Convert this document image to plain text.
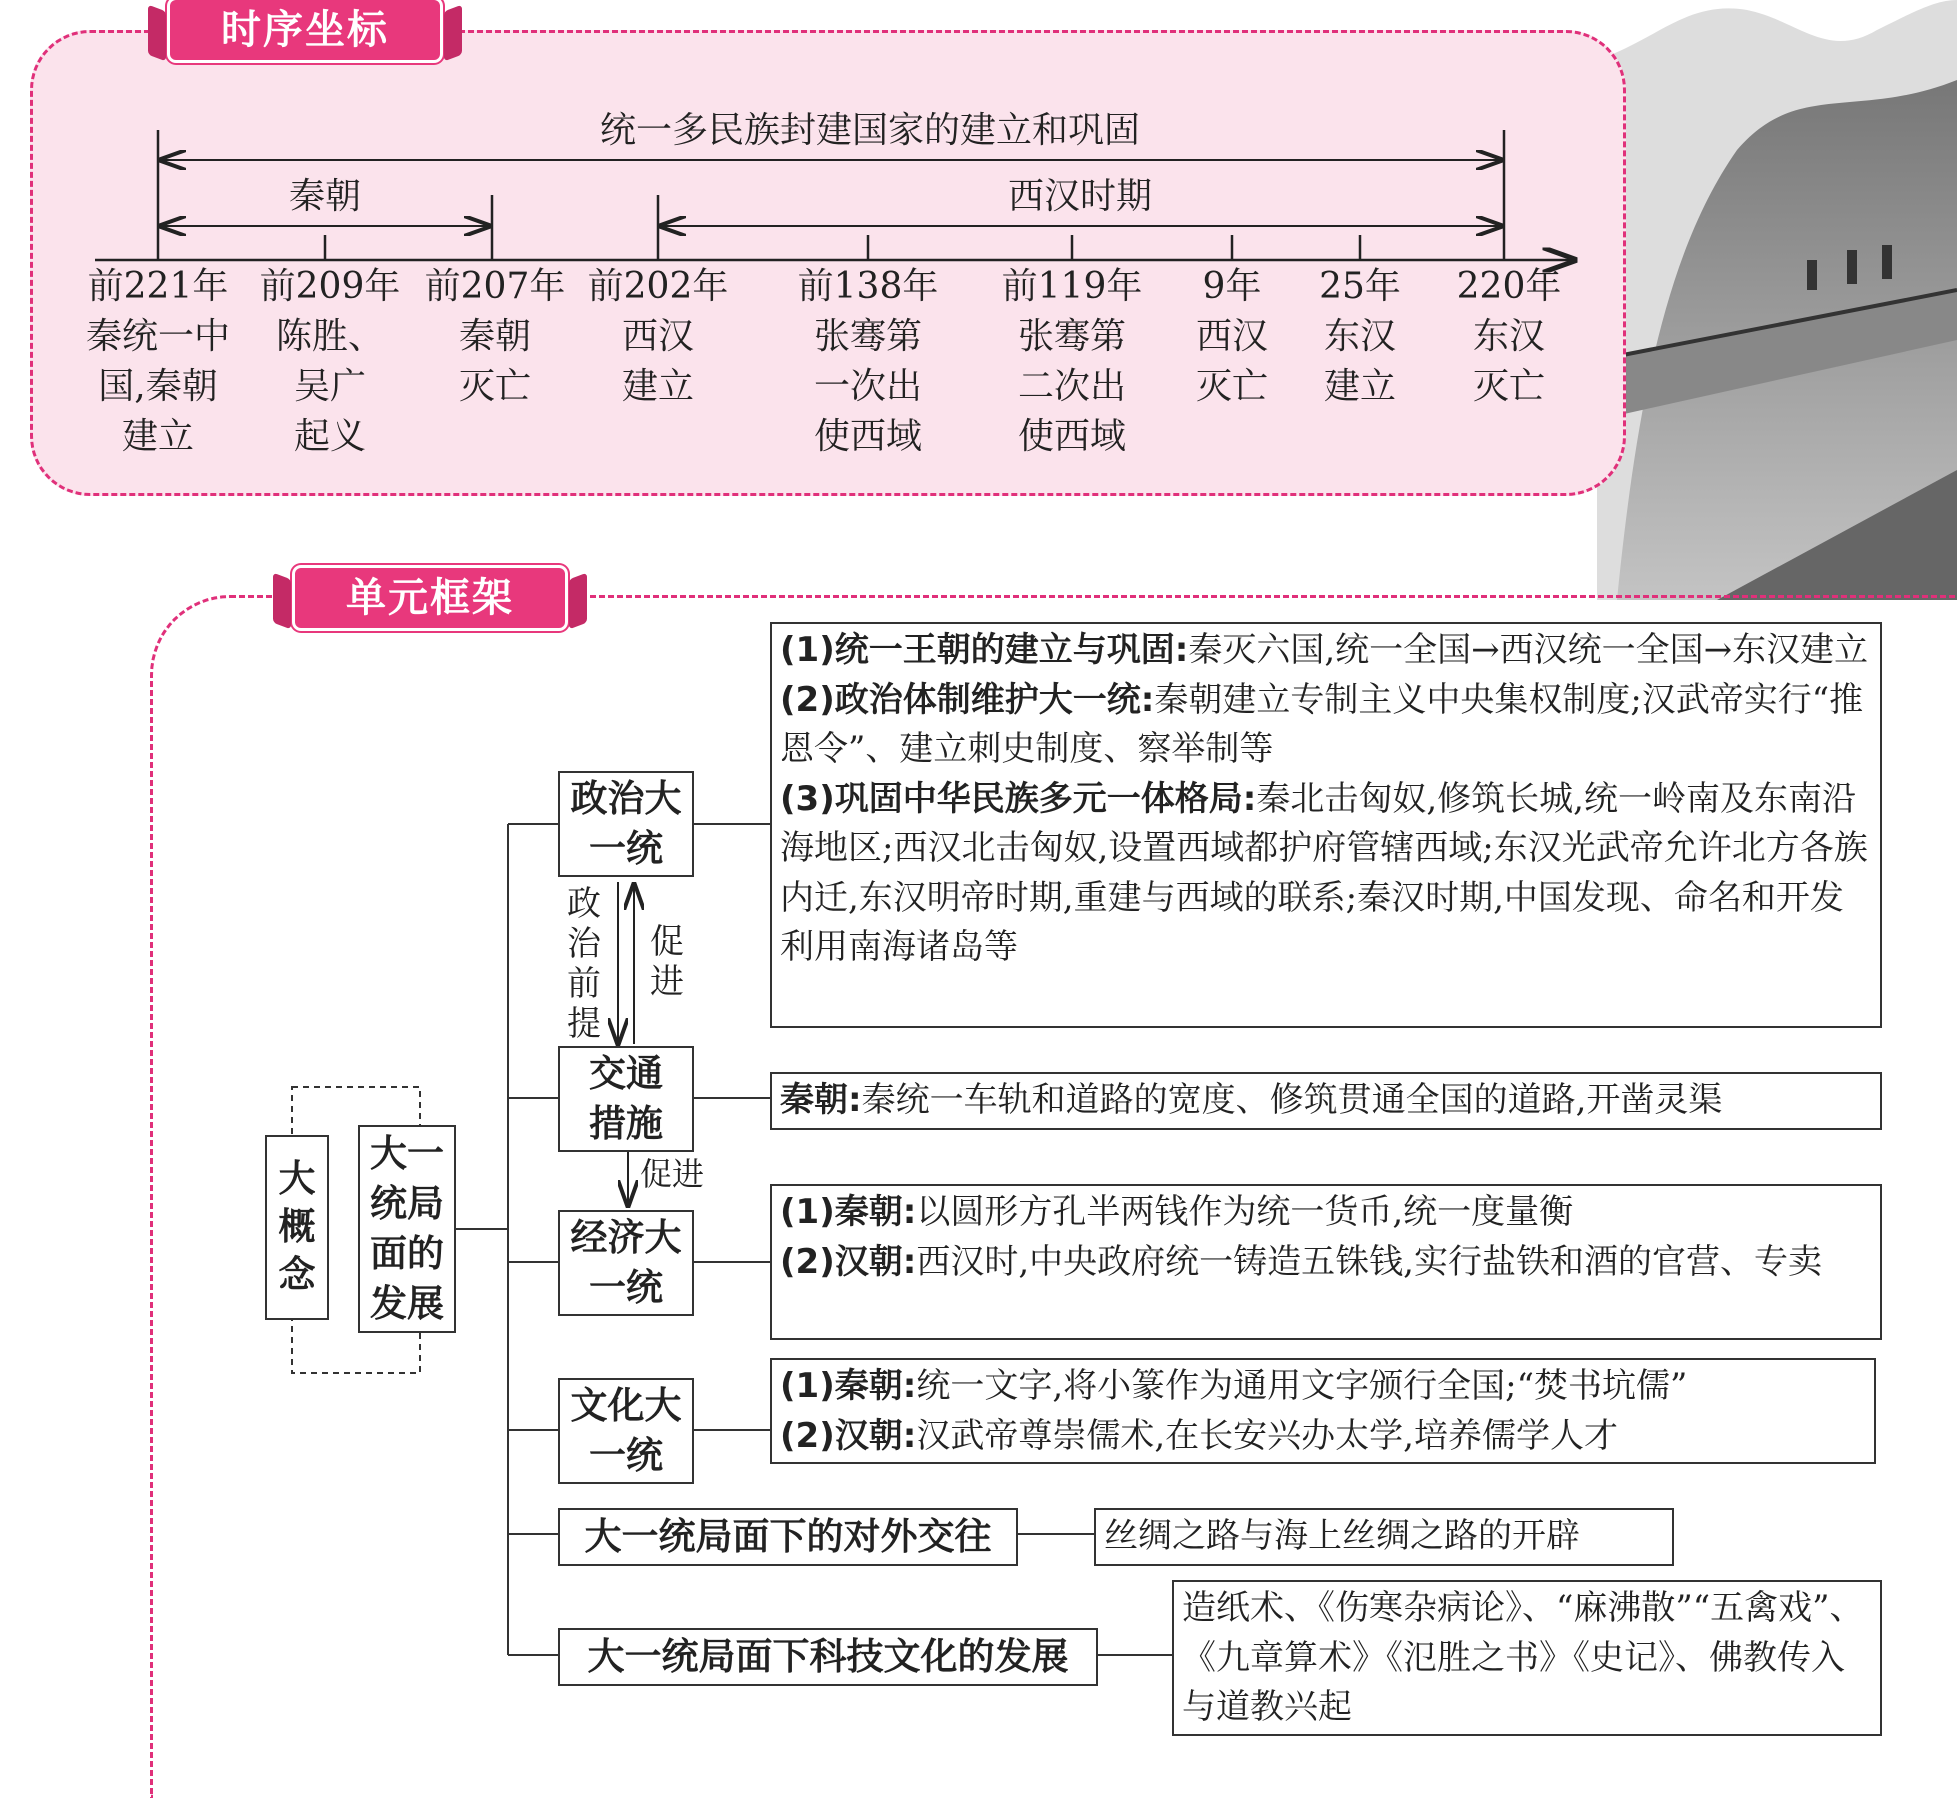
时序坐标
统一多民族封建国家的建立和巩固
秦朝	西汉时期
前221年
秦统一中
国,秦朝
建立
前209年
陈胜、
吴广
起义
前207年
秦朝
灭亡
前202年
西汉
建立
前138年
张骞第
一次出
使西域
前119年
张骞第
二次出
使西域
9年
西汉
灭亡
25年
东汉
建立
220年
东汉
灭亡
单元框架
大概念
大一统局面的发展
政治大一统
交通措施
经济大一统
文化大一统
大一统局面下的对外交往
大一统局面下科技文化的发展
政治前提
促进
促进
(1)统一王朝的建立与巩固:秦灭六国,统一全国→西汉统一全国→东汉建立
(2)政治体制维护大一统:秦朝建立专制主义中央集权制度;汉武帝实行“推恩令”、建立刺史制度、察举制等
(3)巩固中华民族多元一体格局:秦北击匈奴,修筑长城,统一岭南及东南沿海地区;西汉北击匈奴,设置西域都护府管辖西域;东汉光武帝允许北方各族内迁,东汉明帝时期,重建与西域的联系;秦汉时期,中国发现、命名和开发利用南海诸岛等
秦朝:秦统一车轨和道路的宽度、修筑贯通全国的道路,开凿灵渠
(1)秦朝:以圆形方孔半两钱作为统一货币,统一度量衡
(2)汉朝:西汉时,中央政府统一铸造五铢钱,实行盐铁和酒的官营、专卖
(1)秦朝:统一文字,将小篆作为通用文字颁行全国;“焚书坑儒”
(2)汉朝:汉武帝尊崇儒术,在长安兴办太学,培养儒学人才
丝绸之路与海上丝绸之路的开辟
造纸术、《伤寒杂病论》、“麻沸散”“五禽戏”、《九章算术》《氾胜之书》《史记》、佛教传入与道教兴起
